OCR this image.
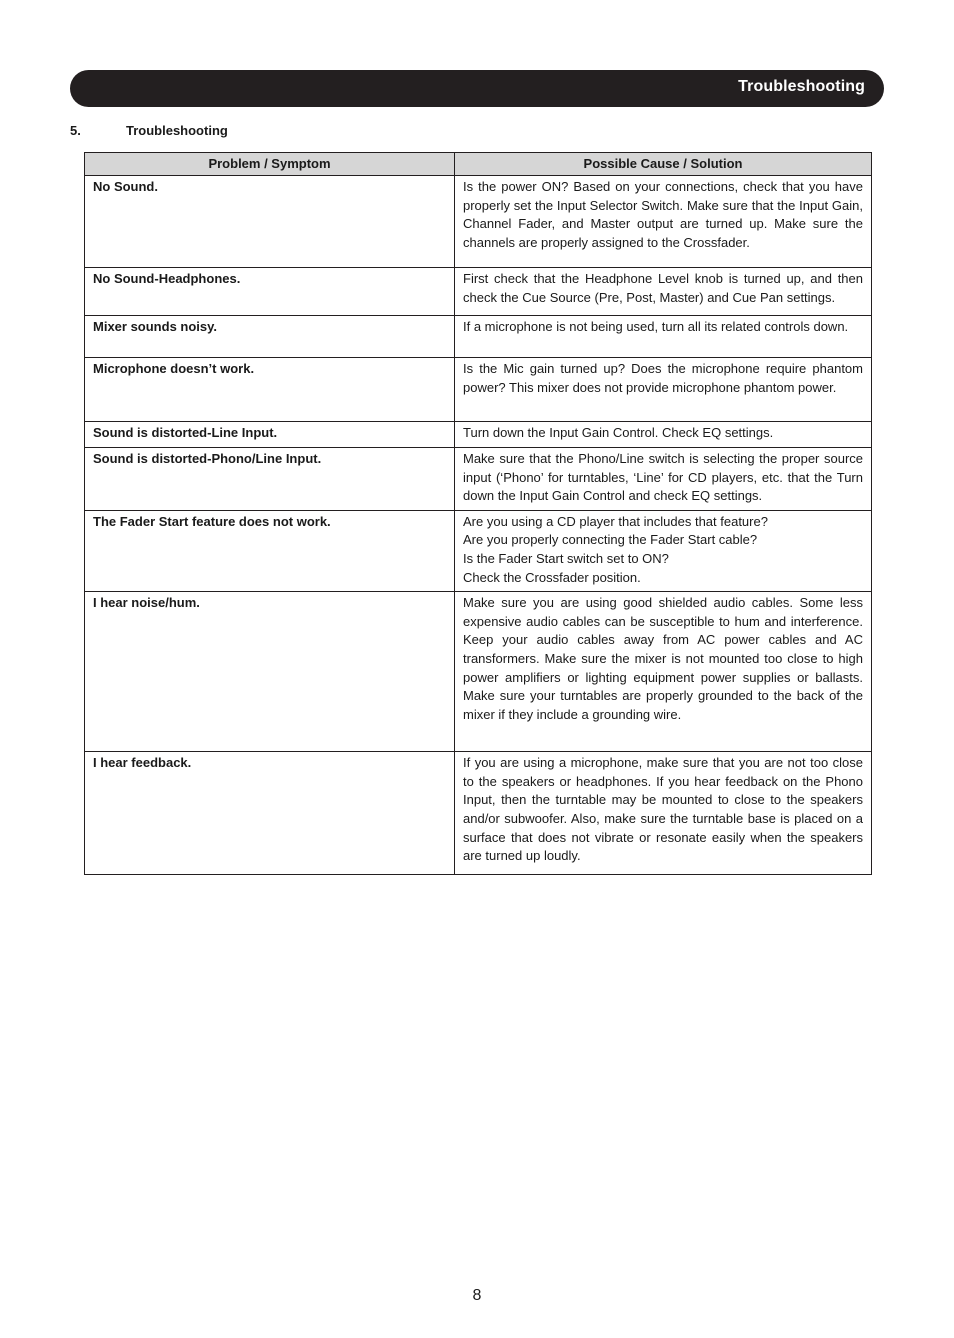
Troubleshooting
5.	Troubleshooting
Problem / Symptom	Possible Cause / Solution
No Sound.	Is the power ON? Based on your connections, check that you have properly set the Input Selector Switch. Make sure that the Input Gain, Channel Fader, and Master output are turned up. Make sure the channels are properly assigned to the Crossfader.
No Sound-Headphones.	First check that the Headphone Level knob is turned up, and then check the Cue Source (Pre, Post, Master) and Cue Pan settings.
Mixer sounds noisy.	If a microphone is not being used, turn all its related controls down.
Microphone doesn’t work.	Is the Mic gain turned up? Does the microphone require phantom power? This mixer does not provide microphone phantom power.
Sound is distorted-Line Input.	Turn down the Input Gain Control. Check EQ settings.
Sound is distorted-Phono/Line Input.	Make sure that the Phono/Line switch is selecting the proper source input (‘Phono’ for turntables, ‘Line’ for CD players, etc. that the Turn down the Input Gain Control and check EQ settings.
The Fader Start feature does not work.	Are you using a CD player that includes that feature?
Are you properly connecting the Fader Start cable?
Is the Fader Start switch set to ON?
Check the Crossfader position.
I hear noise/hum.	Make sure you are using good shielded audio cables. Some less expensive audio cables can be susceptible to hum and interference. Keep your audio cables away from AC power cables and AC transformers. Make sure the mixer is not mounted too close to high power amplifiers or lighting equipment power supplies or ballasts. Make sure your turntables are properly grounded to the back of the mixer if they include a grounding wire.
I hear feedback.	If you are using a microphone, make sure that you are not too close to the speakers or headphones. If you hear feedback on the Phono Input, then the turntable may be mounted to close to the speakers and/or subwoofer. Also, make sure the turntable base is placed on a surface that does not vibrate or resonate easily when the speakers are turned up loudly.
8
